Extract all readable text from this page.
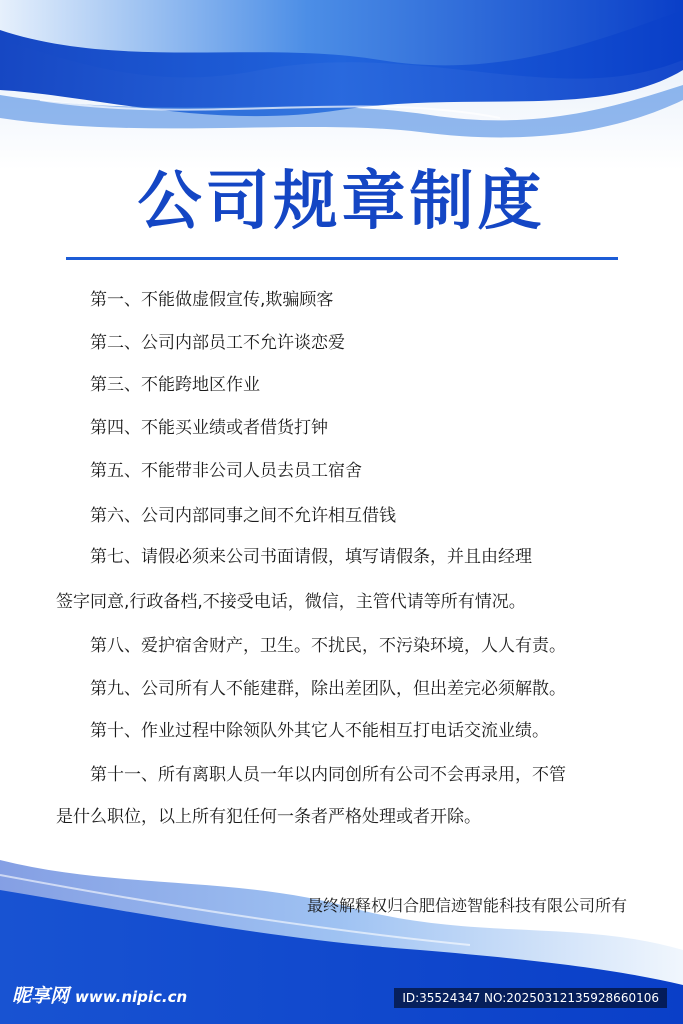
公司规章制度

第一、不能做虚假宣传,欺骗顾客

第二、公司内部员工不允许谈恋爱

第三、不能跨地区作业

第四、不能买业绩或者借货打钟

第五、不能带非公司人员去员工宿舍

第六、公司内部同事之间不允许相互借钱

第七、请假必须来公司书面请假，填写请假条，并且由经理

签字同意,行政备档,不接受电话，微信，主管代请等所有情况。

第八、爱护宿舍财产，卫生。不扰民，不污染环境，人人有责。

第九、公司所有人不能建群，除出差团队，但出差完必须解散。

第十、作业过程中除领队外其它人不能相互打电话交流业绩。

第十一、所有离职人员一年以内同创所有公司不会再录用，不管

是什么职位，以上所有犯任何一条者严格处理或者开除。

最终解释权归合肥信迹智能科技有限公司所有

昵享网 www.nipic.cn	ID:35524347 NO:20250312135928660106
